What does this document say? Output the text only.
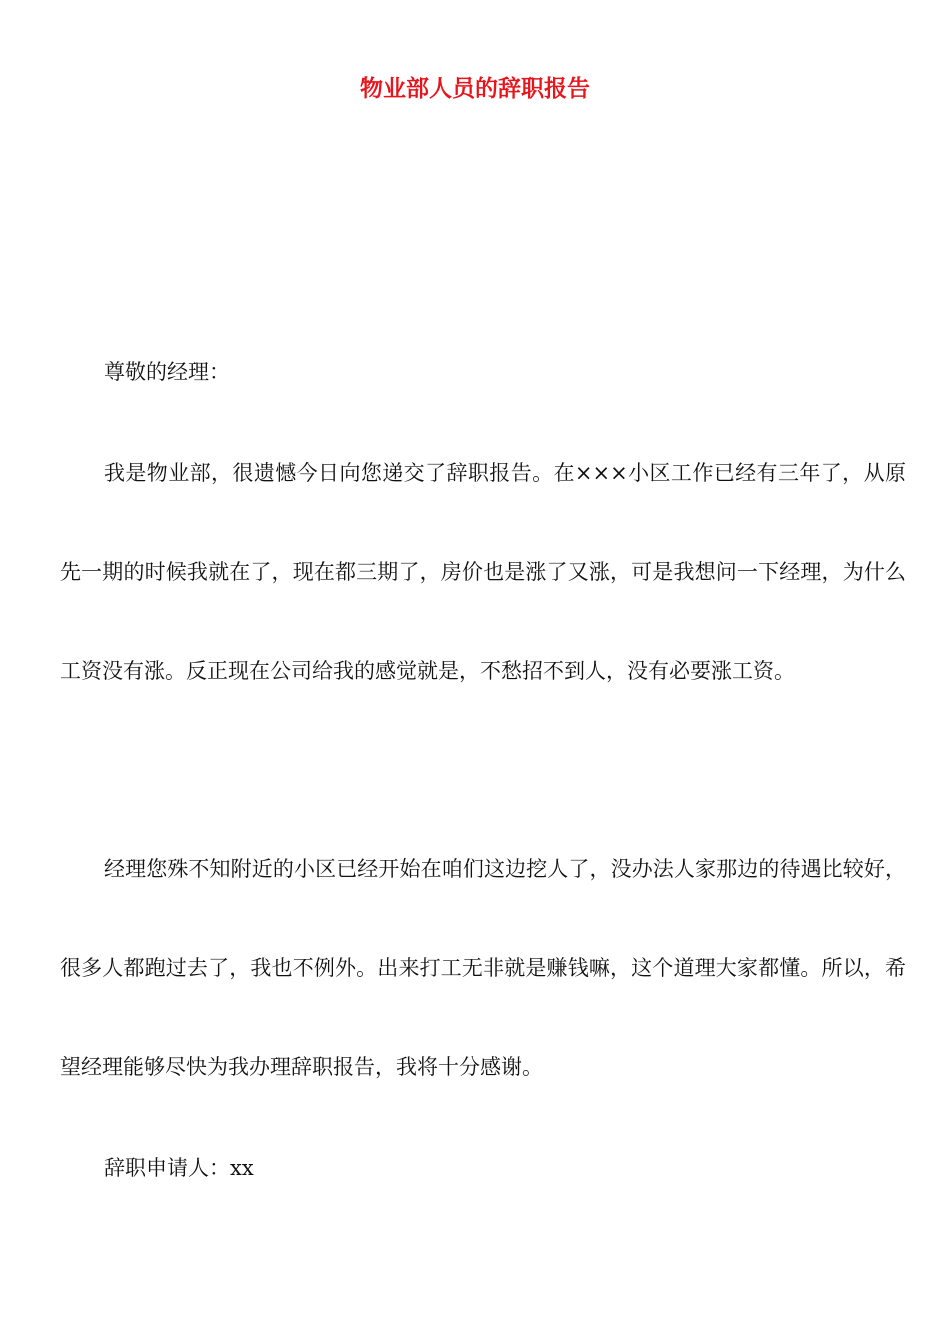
物业部人员的辞职报告
尊敬的经理：

我是物业部，很遗憾今日向您递交了辞职报告。在×××小区工作已经有三年了，从原先一期的时候我就在了，现在都三期了，房价也是涨了又涨，可是我想问一下经理，为什么工资没有涨。反正现在公司给我的感觉就是，不愁招不到人，没有必要涨工资。

经理您殊不知附近的小区已经开始在咱们这边挖人了，没办法人家那边的待遇比较好，很多人都跑过去了，我也不例外。出来打工无非就是赚钱嘛，这个道理大家都懂。所以，希望经理能够尽快为我办理辞职报告，我将十分感谢。

辞职申请人：xx
